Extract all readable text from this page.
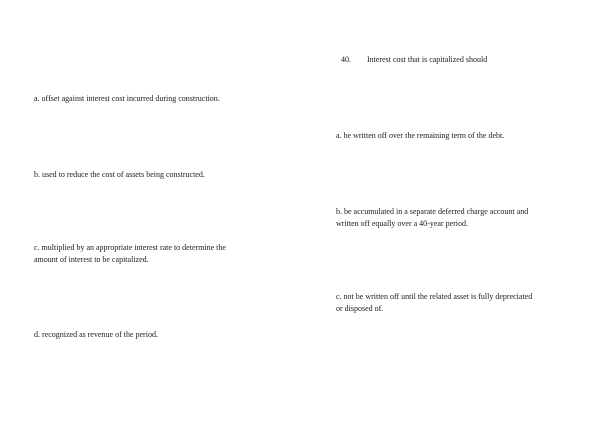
40. Interest cost that is capitalized should
a. offset against interest cost incurred during construction.
b. used to reduce the cost of assets being constructed.
c. multiplied by an appropriate interest rate to determine the
amount of interest to be capitalized.
d. recognized as revenue of the period.
a. be written off over the remaining term of the debt.
b. be accumulated in a separate deferred charge account and
written off equally over a 40-year period.
c. not be written off until the related asset is fully depreciated
or disposed of.
